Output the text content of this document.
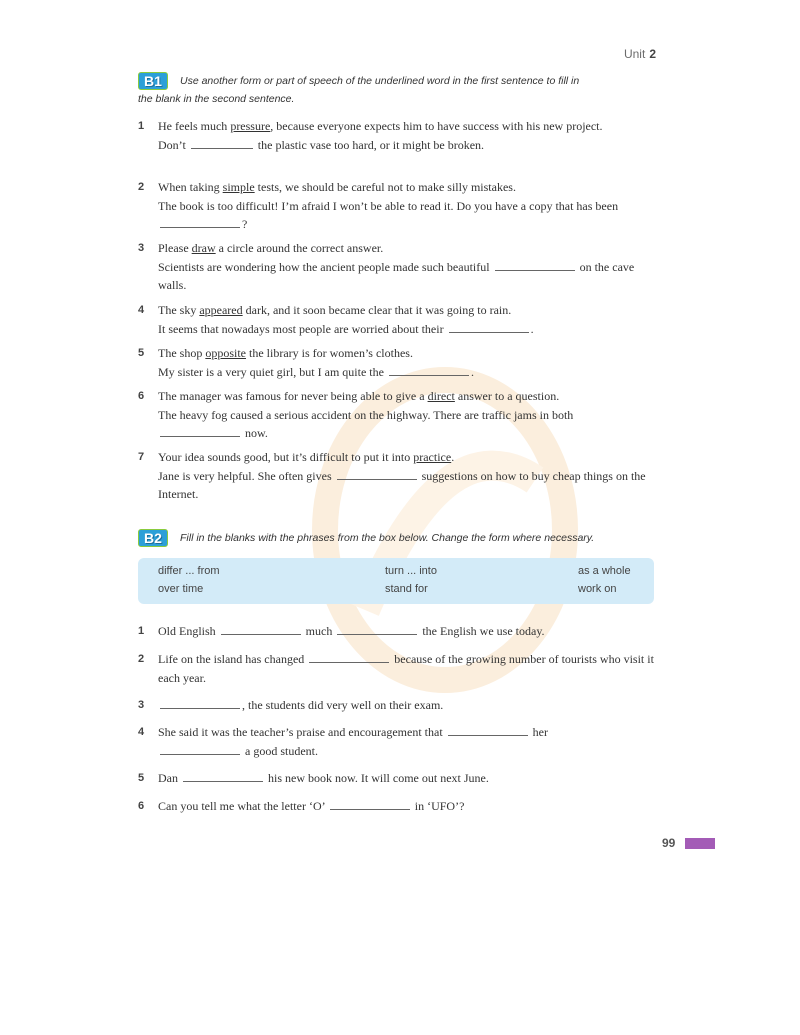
Unit 2
B1 Use another form or part of speech of the underlined word in the first sentence to fill in
the blank in the second sentence.
1	He feels much pressure, because everyone expects him to have success with his new project.
Don’t	the plastic vase too hard, or it might be broken.
2	When taking simple tests, we should be careful not to make silly mistakes.
The book is too difficult! I’m afraid I won’t be able to read it. Do you have a copy that has been ?
3	Please draw a circle around the correct answer.
Scientists are wondering how the ancient people made such beautiful	on the cave walls.
4	The sky appeared dark, and it soon became clear that it was going to rain.
It seems that nowadays most people are worried about their	.
5	The shop opposite the library is for women’s clothes.
My sister is a very quiet girl, but I am quite the	.
6	The manager was famous for never being able to give a direct answer to a question.
The heavy fog caused a serious accident on the highway. There are traffic jams in both  now.
7	Your idea sounds good, but it’s difficult to put it into practice.
Jane is very helpful. She often gives	suggestions on how to buy cheap things on the Internet.
B2 Fill in the blanks with the phrases from the box below. Change the form where necessary.
differ ... from	turn ... into	as a whole
over time	stand for	work on
1	Old English	much	the English we use today.
2	Life on the island has changed	because of the growing number of tourists who visit it each year.
3	, the students did very well on their exam.
4	She said it was the teacher’s praise and encouragement that	her
a good student.
5	Dan	his new book now. It will come out next June.
6	Can you tell me what the letter ‘O’	in ‘UFO’?
99
